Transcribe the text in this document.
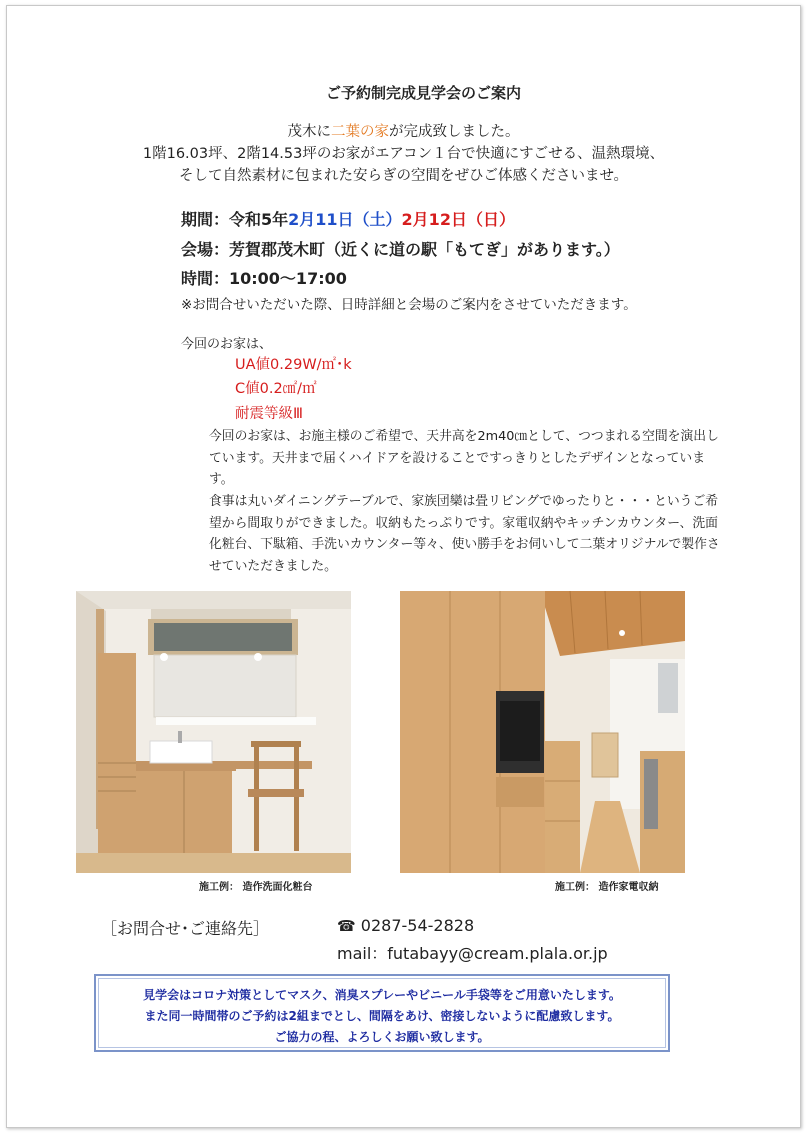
ご予約制完成見学会のご案内
茂木に二葉の家が完成致しました。
1階16.03坪、2階14.53坪のお家がエアコン１台で快適にすごせる、温熱環境、
そして自然素材に包まれた安らぎの空間をぜひご体感くださいませ。
期間：令和5年2月11日（土）2月12日（日）
会場：芳賀郡茂木町（近くに道の駅「もてぎ」があります。）
時間：10:00〜17:00
※お問合せいただいた際、日時詳細と会場のご案内をさせていただきます。
今回のお家は、
UA値0.29W/㎡･k
C値0.2㎠/㎡
耐震等級Ⅲ
今回のお家は、お施主様のご希望で、天井高を2m40㎝として、つつまれる空間を演出しています。天井まで届くハイドアを設けることですっきりとしたデザインとなっています。
食事は丸いダイニングテーブルで、家族団欒は畳リビングでゆったりと・・・というご希望から間取りができました。収納もたっぷりです。家電収納やキッチンカウンター、洗面化粧台、下駄箱、手洗いカウンター等々、使い勝手をお伺いして二葉オリジナルで製作させていただきました。
施工例： 造作洗面化粧台	施工例： 造作家電収納
［お問合せ･ご連絡先］	☎ 0287-54-2828
mail：futabayy@cream.plala.or.jp
見学会はコロナ対策としてマスク、消臭スプレーやビニール手袋等をご用意いたします。
また同一時間帯のご予約は2組までとし、間隔をあけ、密接しないように配慮致します。
ご協力の程、よろしくお願い致します。
